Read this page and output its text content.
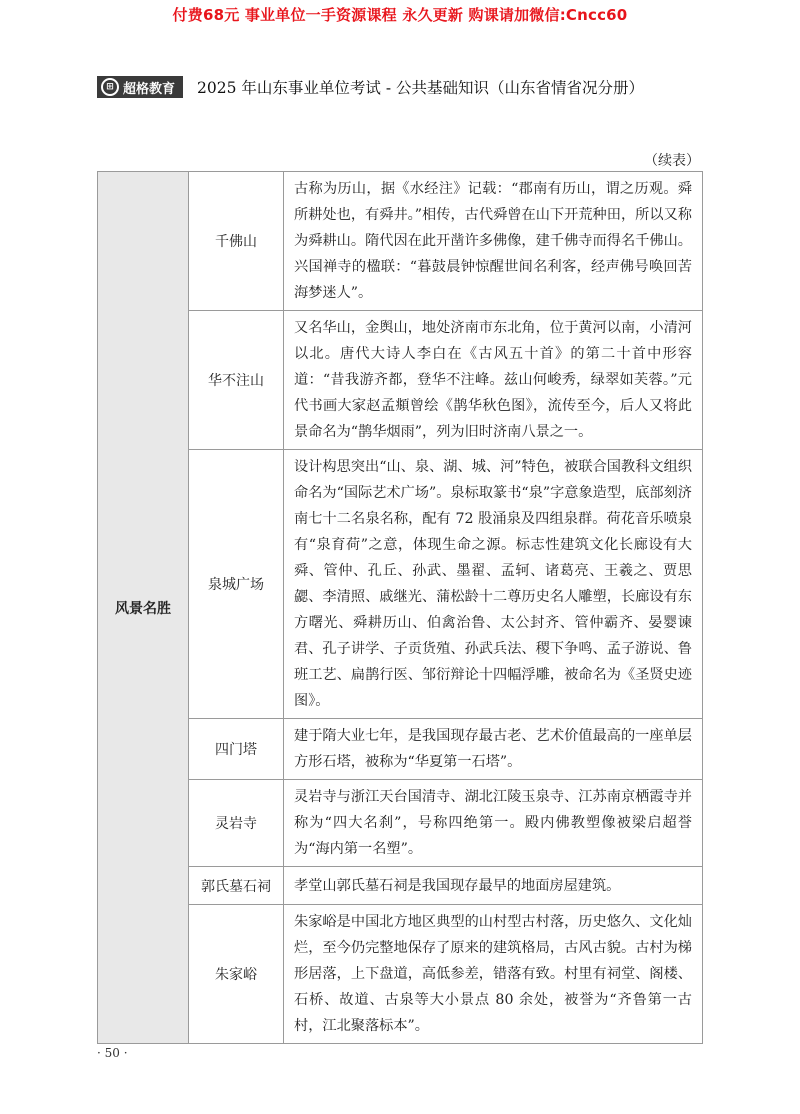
付费68元 事业单位一手资源课程 永久更新 购课请加微信:Cncc60
⊞ 超格教育 2025 年山东事业单位考试 - 公共基础知识（山东省情省况分册）
（续表）
风景名胜	千佛山	古称为历山，据《水经注》记载：“郡南有历山，谓之历观。舜所耕处也，有舜井。”相传，古代舜曾在山下开荒种田，所以又称为舜耕山。隋代因在此开凿许多佛像，建千佛寺而得名千佛山。兴国禅寺的楹联：“暮鼓晨钟惊醒世间名利客，经声佛号唤回苦海梦迷人”。
	华不注山	又名华山，金舆山，地处济南市东北角，位于黄河以南，小清河以北。唐代大诗人李白在《古风五十首》的第二十首中形容道：“昔我游齐都，登华不注峰。兹山何峻秀，绿翠如芙蓉。”元代书画大家赵孟頫曾绘《鹊华秋色图》，流传至今，后人又将此景命名为“鹊华烟雨”，列为旧时济南八景之一。
	泉城广场	设计构思突出“山、泉、湖、城、河”特色，被联合国教科文组织命名为“国际艺术广场”。泉标取篆书“泉”字意象造型，底部刻济南七十二名泉名称，配有 72 股涌泉及四组泉群。荷花音乐喷泉有“泉育荷”之意，体现生命之源。标志性建筑文化长廊设有大舜、管仲、孔丘、孙武、墨翟、孟轲、诸葛亮、王羲之、贾思勰、李清照、戚继光、蒲松龄十二尊历史名人雕塑，长廊设有东方曙光、舜耕历山、伯禽治鲁、太公封齐、管仲霸齐、晏婴谏君、孔子讲学、子贡货殖、孙武兵法、稷下争鸣、孟子游说、鲁班工艺、扁鹊行医、邹衍辩论十四幅浮雕，被命名为《圣贤史迹图》。
	四门塔	建于隋大业七年，是我国现存最古老、艺术价值最高的一座单层方形石塔，被称为“华夏第一石塔”。
	灵岩寺	灵岩寺与浙江天台国清寺、湖北江陵玉泉寺、江苏南京栖霞寺并称为“四大名刹”，号称四绝第一。殿内佛教塑像被梁启超誉为“海内第一名塑”。
	郭氏墓石祠	孝堂山郭氏墓石祠是我国现存最早的地面房屋建筑。
	朱家峪	朱家峪是中国北方地区典型的山村型古村落，历史悠久、文化灿烂，至今仍完整地保存了原来的建筑格局，古风古貌。古村为梯形居落，上下盘道，高低参差，错落有致。村里有祠堂、阁楼、石桥、故道、古泉等大小景点 80 余处，被誉为“齐鲁第一古村，江北聚落标本”。
· 50 ·
